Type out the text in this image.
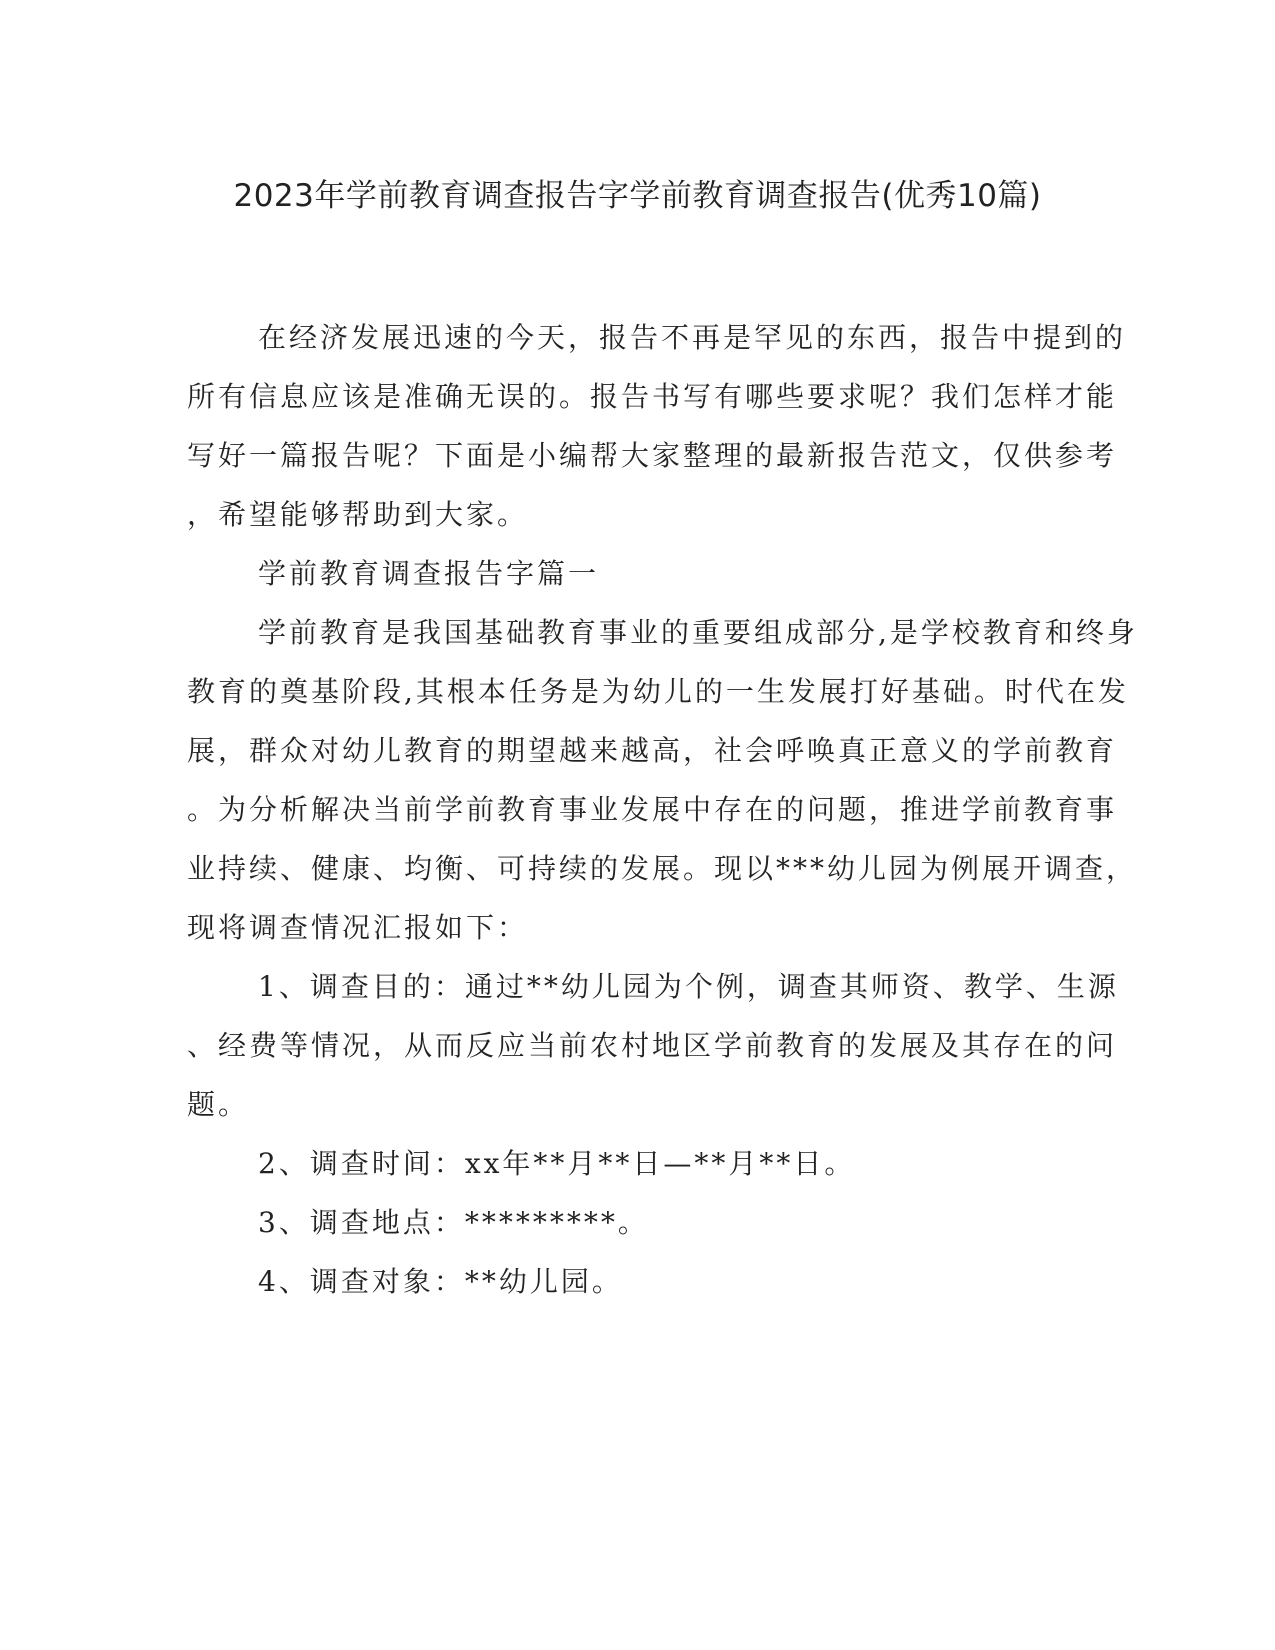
2023年学前教育调查报告字学前教育调查报告(优秀10篇)
在经济发展迅速的今天，报告不再是罕见的东西，报告中提到的
所有信息应该是准确无误的。报告书写有哪些要求呢？我们怎样才能
写好一篇报告呢？下面是小编帮大家整理的最新报告范文，仅供参考
，希望能够帮助到大家。
学前教育调查报告字篇一
学前教育是我国基础教育事业的重要组成部分,是学校教育和终身
教育的奠基阶段,其根本任务是为幼儿的一生发展打好基础。时代在发
展，群众对幼儿教育的期望越来越高，社会呼唤真正意义的学前教育
。为分析解决当前学前教育事业发展中存在的问题，推进学前教育事
业持续、健康、均衡、可持续的发展。现以***幼儿园为例展开调查，
现将调查情况汇报如下：
1、调查目的：通过**幼儿园为个例，调查其师资、教学、生源
、经费等情况，从而反应当前农村地区学前教育的发展及其存在的问
题。
2、调查时间：xx年**月**日—**月**日。
3、调查地点：*********。
4、调查对象：**幼儿园。
